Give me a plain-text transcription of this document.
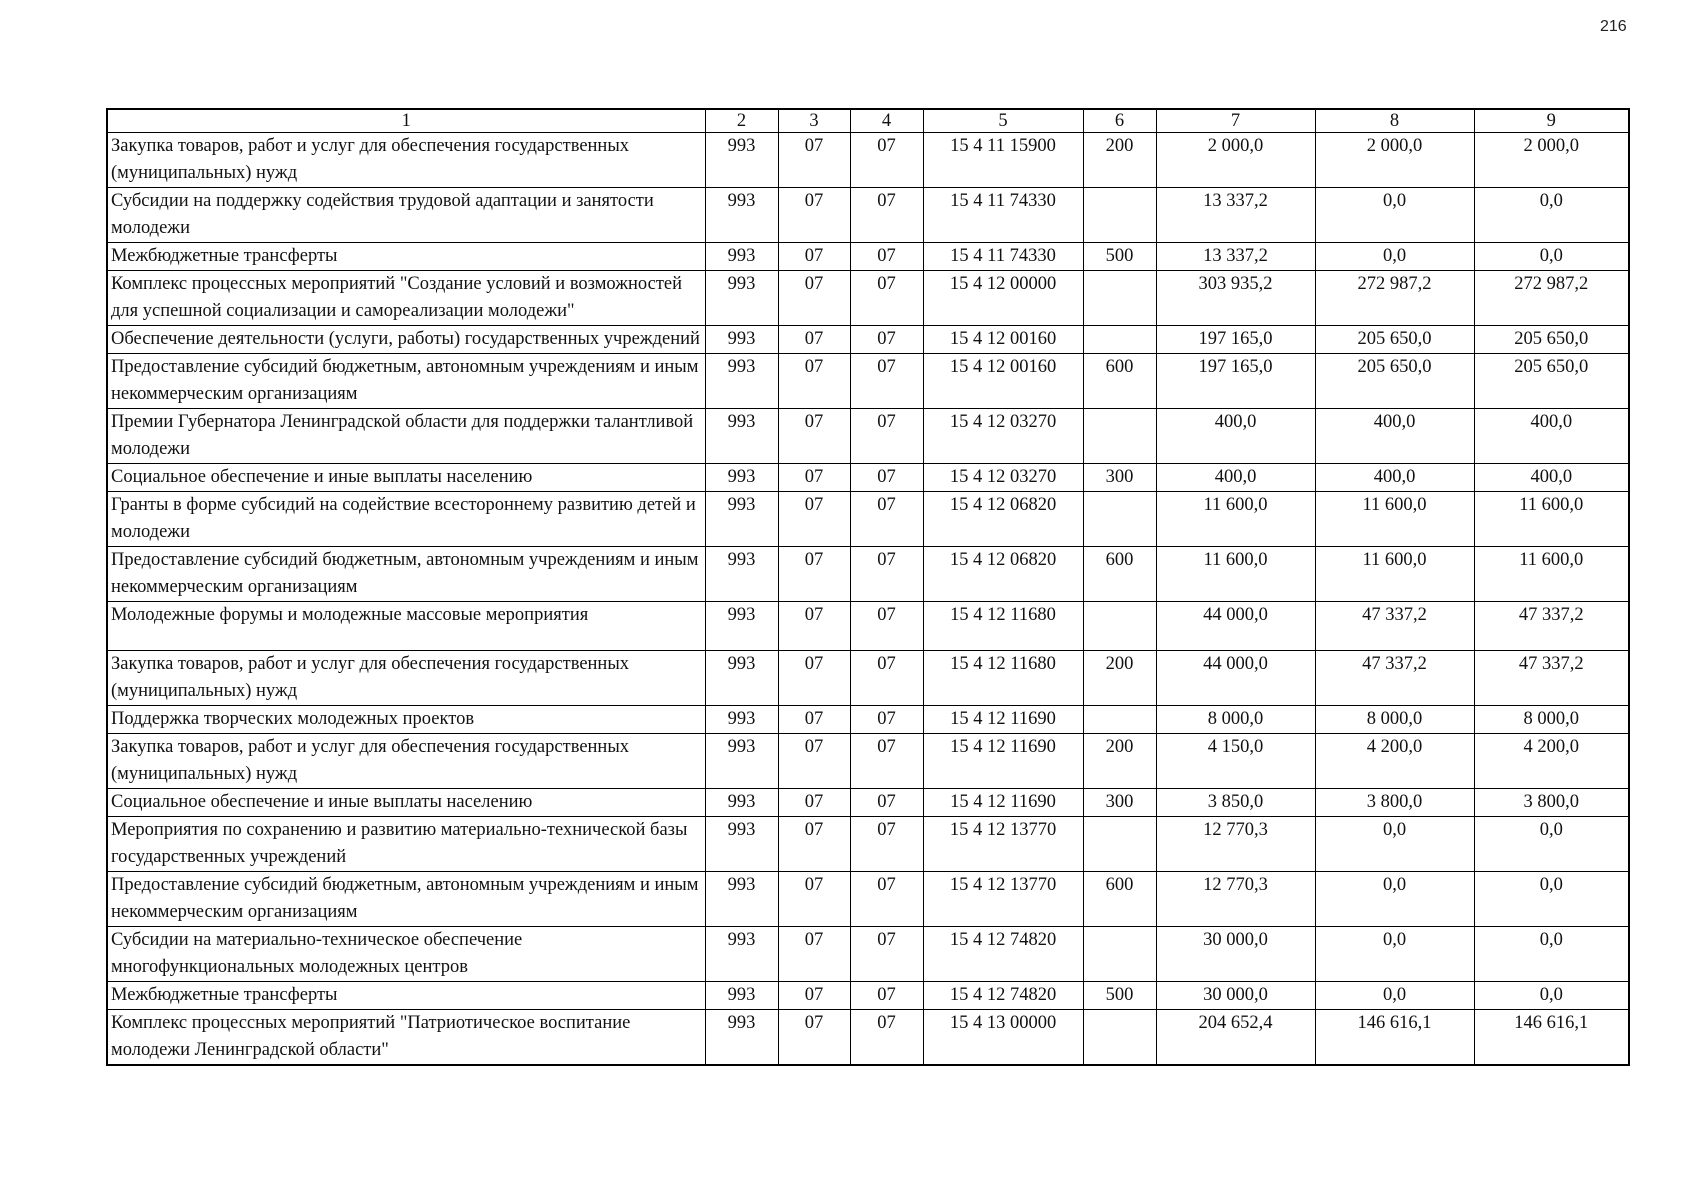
216
1	2	3	4	5	6	7	8	9
Закупка товаров, работ и услуг для обеспечения государственных (муниципальных) нужд	993	07	07	15 4 11 15900	200	2 000,0	2 000,0	2 000,0
Субсидии на поддержку содействия трудовой адаптации и занятости молодежи	993	07	07	15 4 11 74330		13 337,2	0,0	0,0
Межбюджетные трансферты	993	07	07	15 4 11 74330	500	13 337,2	0,0	0,0
Комплекс процессных мероприятий "Создание условий и возможностей для успешной социализации и самореализации молодежи"	993	07	07	15 4 12 00000		303 935,2	272 987,2	272 987,2
Обеспечение деятельности (услуги, работы) государственных учреждений	993	07	07	15 4 12 00160		197 165,0	205 650,0	205 650,0
Предоставление субсидий бюджетным, автономным учреждениям и иным некоммерческим организациям	993	07	07	15 4 12 00160	600	197 165,0	205 650,0	205 650,0
Премии Губернатора Ленинградской области для поддержки талантливой молодежи	993	07	07	15 4 12 03270		400,0	400,0	400,0
Социальное обеспечение и иные выплаты населению	993	07	07	15 4 12 03270	300	400,0	400,0	400,0
Гранты в форме субсидий на содействие всестороннему развитию детей и молодежи	993	07	07	15 4 12 06820		11 600,0	11 600,0	11 600,0
Предоставление субсидий бюджетным, автономным учреждениям и иным некоммерческим организациям	993	07	07	15 4 12 06820	600	11 600,0	11 600,0	11 600,0
Молодежные форумы и молодежные массовые мероприятия	993	07	07	15 4 12 11680		44 000,0	47 337,2	47 337,2
Закупка товаров, работ и услуг для обеспечения государственных (муниципальных) нужд	993	07	07	15 4 12 11680	200	44 000,0	47 337,2	47 337,2
Поддержка творческих молодежных проектов	993	07	07	15 4 12 11690		8 000,0	8 000,0	8 000,0
Закупка товаров, работ и услуг для обеспечения государственных (муниципальных) нужд	993	07	07	15 4 12 11690	200	4 150,0	4 200,0	4 200,0
Социальное обеспечение и иные выплаты населению	993	07	07	15 4 12 11690	300	3 850,0	3 800,0	3 800,0
Мероприятия по сохранению и развитию материально-технической базы государственных учреждений	993	07	07	15 4 12 13770		12 770,3	0,0	0,0
Предоставление субсидий бюджетным, автономным учреждениям и иным некоммерческим организациям	993	07	07	15 4 12 13770	600	12 770,3	0,0	0,0
Субсидии на материально-техническое обеспечение многофункциональных молодежных центров	993	07	07	15 4 12 74820		30 000,0	0,0	0,0
Межбюджетные трансферты	993	07	07	15 4 12 74820	500	30 000,0	0,0	0,0
Комплекс процессных мероприятий "Патриотическое воспитание молодежи Ленинградской области"	993	07	07	15 4 13 00000		204 652,4	146 616,1	146 616,1
